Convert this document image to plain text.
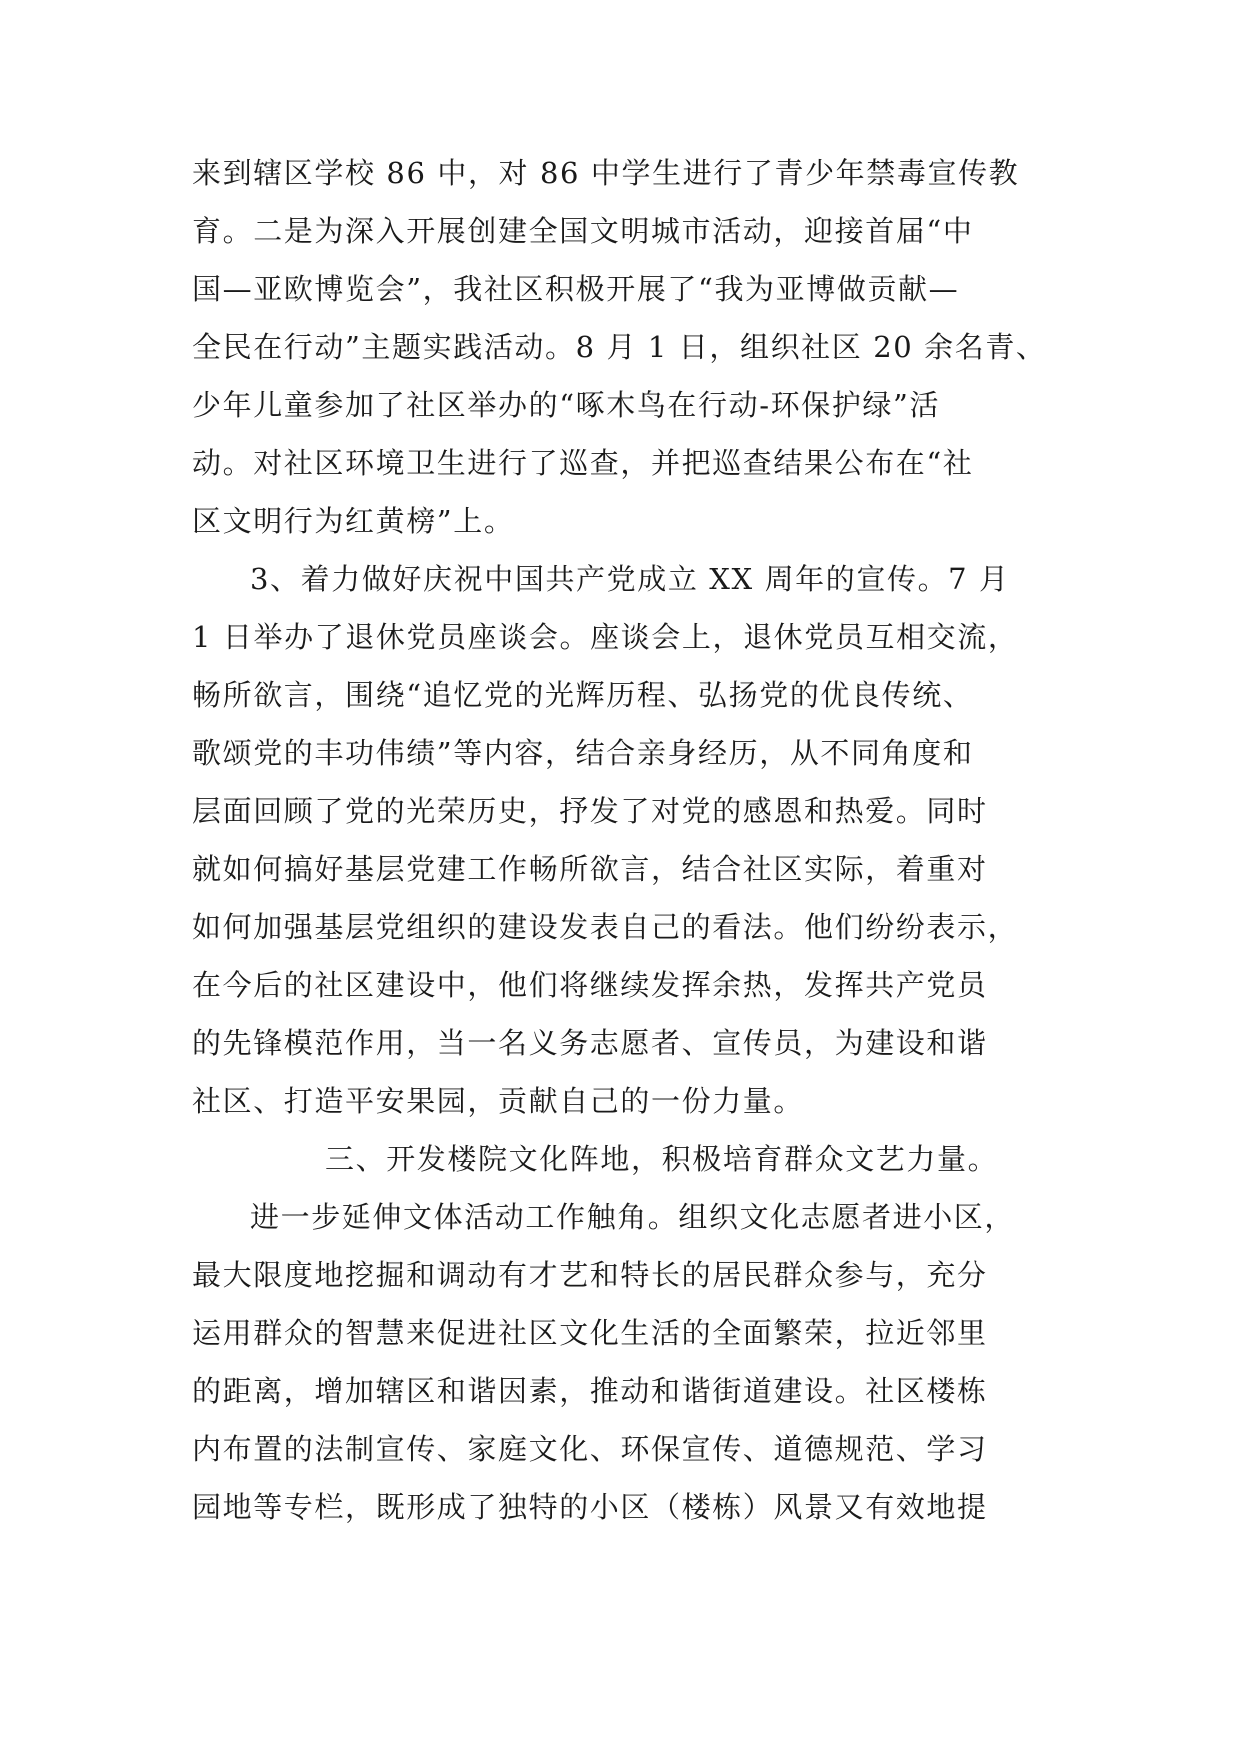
来到辖区学校 86 中，对 86 中学生进行了青少年禁毒宣传教
育。二是为深入开展创建全国文明城市活动，迎接首届“中
国—亚欧博览会”，我社区积极开展了“我为亚博做贡献—
全民在行动”主题实践活动。8 月 1 日，组织社区 20 余名青、
少年儿童参加了社区举办的“啄木鸟在行动-环保护绿”活
动。对社区环境卫生进行了巡查，并把巡查结果公布在“社
区文明行为红黄榜”上。
3、着力做好庆祝中国共产党成立 XX 周年的宣传。7 月
1 日举办了退休党员座谈会。座谈会上，退休党员互相交流，
畅所欲言，围绕“追忆党的光辉历程、弘扬党的优良传统、
歌颂党的丰功伟绩”等内容，结合亲身经历，从不同角度和
层面回顾了党的光荣历史，抒发了对党的感恩和热爱。同时
就如何搞好基层党建工作畅所欲言，结合社区实际，着重对
如何加强基层党组织的建设发表自己的看法。他们纷纷表示，
在今后的社区建设中，他们将继续发挥余热，发挥共产党员
的先锋模范作用，当一名义务志愿者、宣传员，为建设和谐
社区、打造平安果园，贡献自己的一份力量。
三、开发楼院文化阵地，积极培育群众文艺力量。
进一步延伸文体活动工作触角。组织文化志愿者进小区，
最大限度地挖掘和调动有才艺和特长的居民群众参与，充分
运用群众的智慧来促进社区文化生活的全面繁荣，拉近邻里
的距离，增加辖区和谐因素，推动和谐街道建设。社区楼栋
内布置的法制宣传、家庭文化、环保宣传、道德规范、学习
园地等专栏，既形成了独特的小区（楼栋）风景又有效地提
